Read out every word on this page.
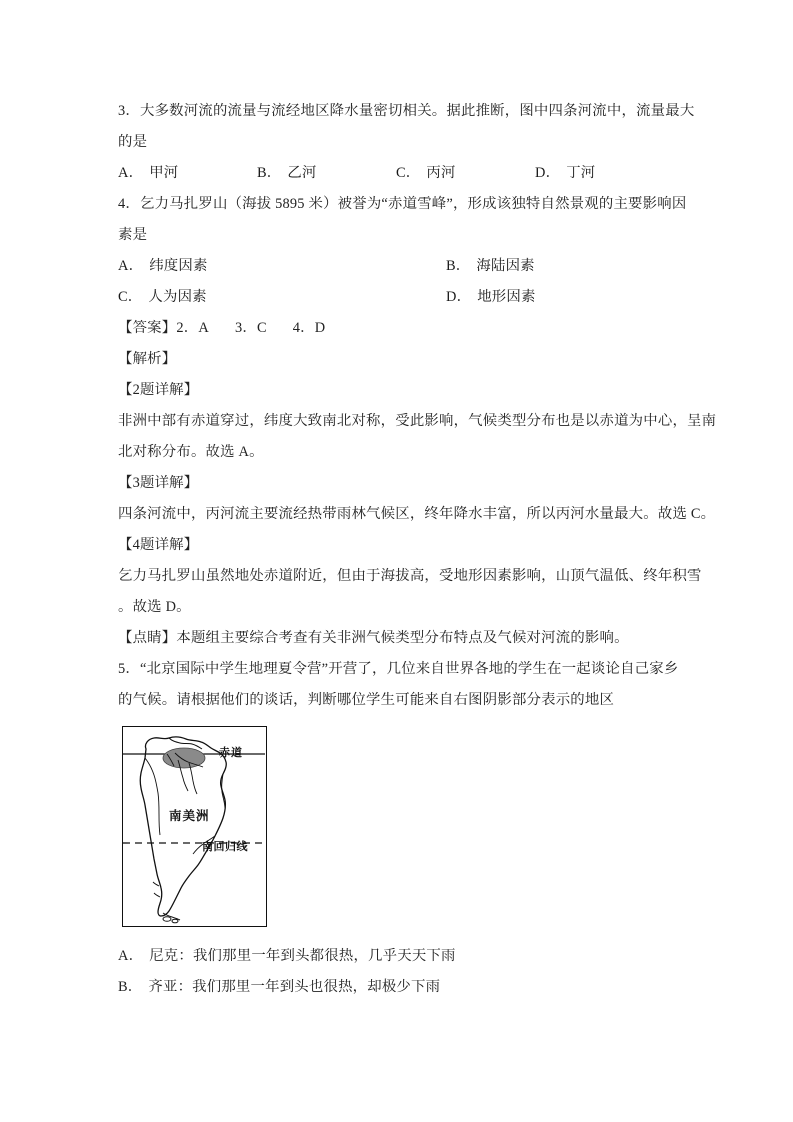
3．大多数河流的流量与流经地区降水量密切相关。据此推断，图中四条河流中，流量最大
的是
A． 甲河	B． 乙河	C． 丙河	D． 丁河
4．乞力马扎罗山（海拔 5895 米）被誉为“赤道雪峰”，形成该独特自然景观的主要影响因
素是
A． 纬度因素	B． 海陆因素
C． 人为因素	D． 地形因素
【答案】2．A 3．C 4．D
【解析】
【2题详解】
非洲中部有赤道穿过，纬度大致南北对称，受此影响，气候类型分布也是以赤道为中心，呈南
北对称分布。故选 A。
【3题详解】
四条河流中，丙河流主要流经热带雨林气候区，终年降水丰富，所以丙河水量最大。故选 C。
【4题详解】
乞力马扎罗山虽然地处赤道附近，但由于海拔高，受地形因素影响，山顶气温低、终年积雪
。故选 D。
【点睛】本题组主要综合考查有关非洲气候类型分布特点及气候对河流的影响。
5．“北京国际中学生地理夏令营”开营了，几位来自世界各地的学生在一起谈论自己家乡
的气候。请根据他们的谈话，判断哪位学生可能来自右图阴影部分表示的地区
赤道
南美洲
南回归线
A． 尼克：我们那里一年到头都很热，几乎天天下雨
B． 齐亚：我们那里一年到头也很热，却极少下雨
